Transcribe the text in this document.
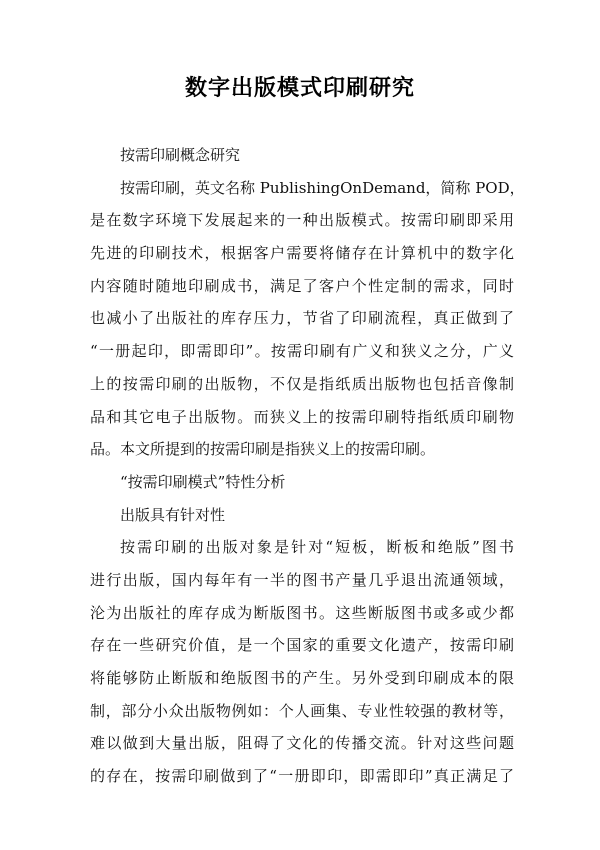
数字出版模式印刷研究
按需印刷概念研究
按需印刷，英文名称 PublishingOnDemand，简称 POD，
是在数字环境下发展起来的一种出版模式。按需印刷即采用
先进的印刷技术，根据客户需要将储存在计算机中的数字化
内容随时随地印刷成书，满足了客户个性定制的需求，同时
也减小了出版社的库存压力，节省了印刷流程，真正做到了
“一册起印，即需即印”。按需印刷有广义和狭义之分，广义
上的按需印刷的出版物，不仅是指纸质出版物也包括音像制
品和其它电子出版物。而狭义上的按需印刷特指纸质印刷物
品。本文所提到的按需印刷是指狭义上的按需印刷。
“按需印刷模式”特性分析
出版具有针对性
按需印刷的出版对象是针对“短板，断板和绝版”图书
进行出版，国内每年有一半的图书产量几乎退出流通领域，
沦为出版社的库存成为断版图书。这些断版图书或多或少都
存在一些研究价值，是一个国家的重要文化遗产，按需印刷
将能够防止断版和绝版图书的产生。另外受到印刷成本的限
制，部分小众出版物例如：个人画集、专业性较强的教材等，
难以做到大量出版，阻碍了文化的传播交流。针对这些问题
的存在，按需印刷做到了“一册即印，即需即印”真正满足了
